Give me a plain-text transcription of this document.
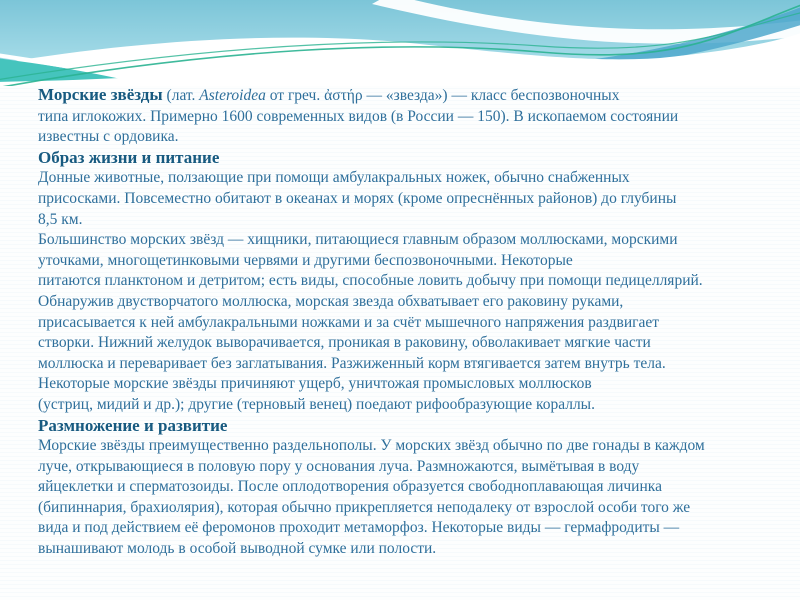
Морские звёзды (лат. Asteroidea от греч. ἀστήρ — «звезда») — класс беспозвоночных
типа иглокожих. Примерно 1600 современных видов (в России — 150). В ископаемом состоянии
известны с ордовика.
Образ жизни и питание
Донные животные, ползающие при помощи амбулакральных ножек, обычно снабженных
присосками. Повсеместно обитают в океанах и морях (кроме опреснённых районов) до глубины
8,5 км.
Большинство морских звёзд — хищники, питающиеся главным образом моллюсками, морскими
уточками, многощетинковыми червями и другими беспозвоночными. Некоторые
питаются планктоном и детритом; есть виды, способные ловить добычу при помощи педицеллярий.
Обнаружив двустворчатого моллюска, морская звезда обхватывает его раковину руками,
присасывается к ней амбулакральными ножками и за счёт мышечного напряжения раздвигает
створки. Нижний желудок выворачивается, проникая в раковину, обволакивает мягкие части
моллюска и переваривает без заглатывания. Разжиженный корм втягивается затем внутрь тела.
Некоторые морские звёзды причиняют ущерб, уничтожая промысловых моллюсков
(устриц, мидий и др.); другие (терновый венец) поедают рифообразующие кораллы.
Размножение и развитие
Морские звёзды преимущественно раздельнополы. У морских звёзд обычно по две гонады в каждом
луче, открывающиеся в половую пору у основания луча. Размножаются, вымётывая в воду
яйцеклетки и сперматозоиды. После оплодотворения образуется свободноплавающая личинка
(бипиннария, брахиолярия), которая обычно прикрепляется неподалеку от взрослой особи того же
вида и под действием её феромонов проходит метаморфоз. Некоторые виды — гермафродиты —
вынашивают молодь в особой выводной сумке или полости.
